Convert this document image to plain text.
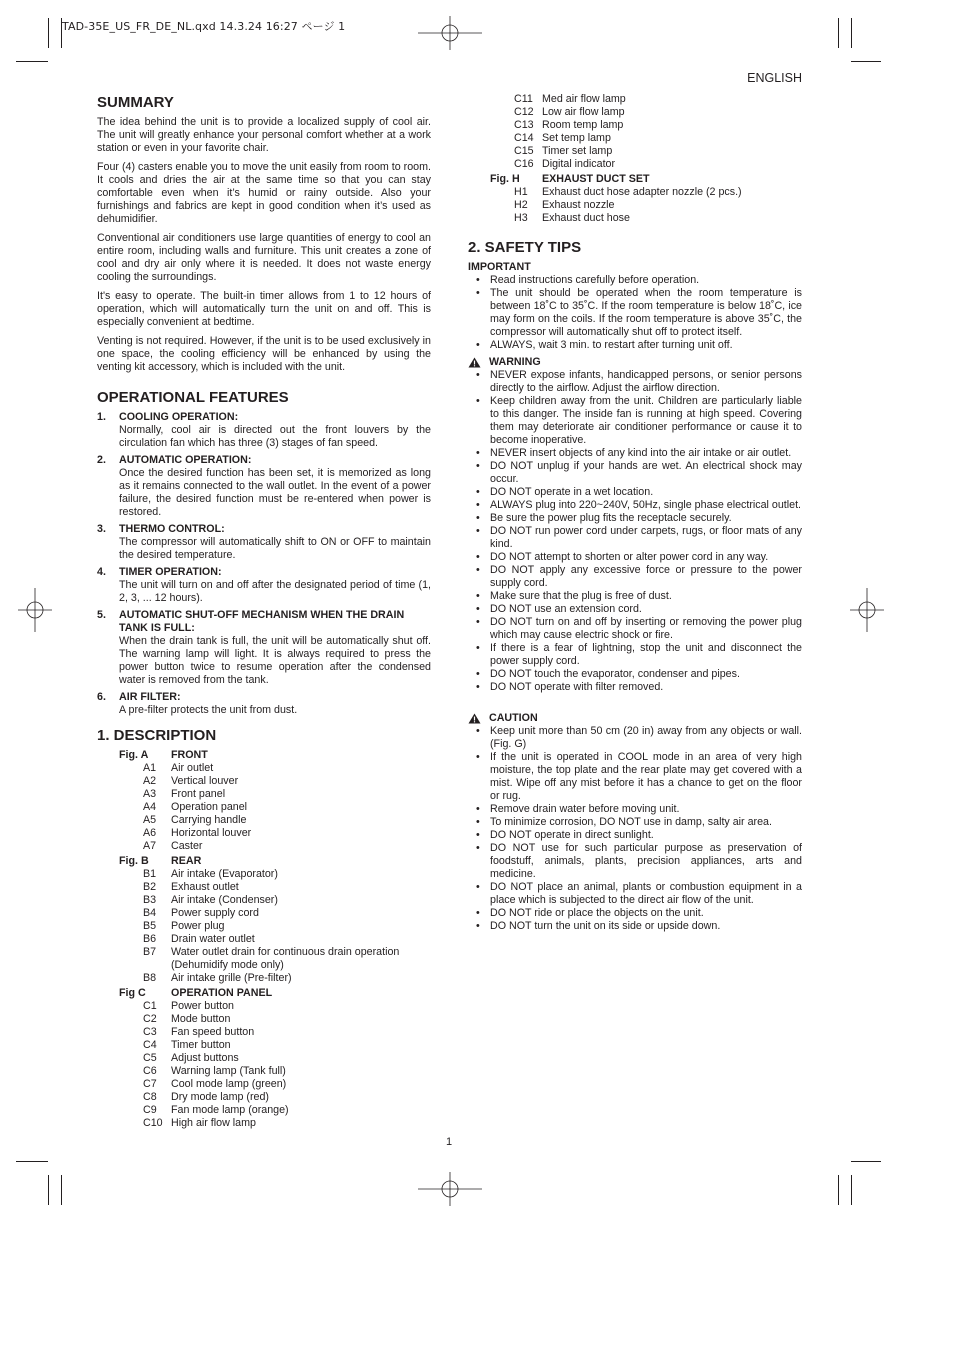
TAD-35E_US_FR_DE_NL.qxd 14.3.24 16:27 ページ 1
ENGLISH
1
SUMMARY

The idea behind the unit is to provide a localized supply of cool air. The unit will greatly enhance your personal comfort whether at a work station or even in your favorite chair.

Four (4) casters enable you to move the unit easily from room to room. It cools and dries the air at the same time so that you can stay comfortable even when it’s humid or rainy outside. Also your furnishings and fabrics are kept in good condition when it’s used as dehumidifier.

Conventional air conditioners use large quantities of energy to cool an entire room, including walls and furniture. This unit creates a zone of cool and dry air only where it is needed. It does not waste energy cooling the surroundings.

It's easy to operate. The built-in timer allows from 1 to 12 hours of operation, which will automatically turn the unit on and off. This is especially convenient at bedtime.

Venting is not required. However, if the unit is to be used exclusively in one space, the cooling efficiency will be enhanced by using the venting kit accessory, which is included with the unit.

OPERATIONAL FEATURES
1.	COOLING OPERATION:
Normally, cool air is directed out the front louvers by the circulation fan which has three (3) stages of fan speed.
2.	AUTOMATIC OPERATION:
Once the desired function has been set, it is memorized as long as it remains connected to the wall outlet. In the event of a power failure, the desired function must be re-entered when power is restored.
3.	THERMO CONTROL:
The compressor will automatically shift to ON or OFF to maintain the desired temperature.
4.	TIMER OPERATION:
The unit will turn on and off after the designated period of time (1, 2, 3, ... 12 hours).
5.	AUTOMATIC SHUT-OFF MECHANISM WHEN THE DRAIN TANK IS FULL:
When the drain tank is full, the unit will be automatically shut off. The warning lamp will light. It is always required to press the power button twice to resume operation after the condensed water is removed from the tank.
6.	AIR FILTER:
A pre-filter protects the unit from dust.
1. DESCRIPTION
Fig. A	FRONT
A1	Air outlet
A2	Vertical louver
A3	Front panel
A4	Operation panel
A5	Carrying handle
A6	Horizontal louver
A7	Caster
Fig. B	REAR
B1	Air intake (Evaporator)
B2	Exhaust outlet
B3	Air intake (Condenser)
B4	Power supply cord
B5	Power plug
B6	Drain water outlet
B7	Water outlet drain for continuous drain operation (Dehumidify mode only)
B8	Air intake grille (Pre-filter)
Fig C	OPERATION PANEL
C1	Power button
C2	Mode button
C3	Fan speed button
C4	Timer button
C5	Adjust buttons
C6	Warning lamp (Tank full)
C7	Cool mode lamp (green)
C8	Dry mode lamp (red)
C9	Fan mode lamp (orange)
C10 High air flow lamp
C11 Med air flow lamp
C12 Low air flow lamp
C13 Room temp lamp
C14 Set temp lamp
C15 Timer set lamp
C16 Digital indicator
Fig. H	EXHAUST DUCT SET
H1	Exhaust duct hose adapter nozzle (2 pcs.)
H2	Exhaust nozzle
H3	Exhaust duct hose
2. SAFETY TIPS
IMPORTANT
• Read instructions carefully before operation.
• The unit should be operated when the room temperature is between 18˚C to 35˚C. If the room temperature is below 18˚C, ice may form on the coils. If the room temperature is above 35˚C, the compressor will automatically shut off to protect itself.
• ALWAYS, wait 3 min. to restart after turning unit off.
WARNING
• NEVER expose infants, handicapped persons, or senior persons directly to the airflow. Adjust the airflow direction.
• Keep children away from the unit. Children are particularly liable to this danger. The inside fan is running at high speed. Covering them may deteriorate air conditioner performance or cause it to become inoperative.
• NEVER insert objects of any kind into the air intake or air outlet.
• DO NOT unplug if your hands are wet. An electrical shock may occur.
• DO NOT operate in a wet location.
• ALWAYS plug into 220~240V, 50Hz, single phase electrical outlet.
• Be sure the power plug fits the receptacle securely.
• DO NOT run power cord under carpets, rugs, or floor mats of any kind.
• DO NOT attempt to shorten or alter power cord in any way.
• DO NOT apply any excessive force or pressure to the power supply cord.
• Make sure that the plug is free of dust.
• DO NOT use an extension cord.
• DO NOT turn on and off by inserting or removing the power plug which may cause electric shock or fire.
• If there is a fear of lightning, stop the unit and disconnect the power supply cord.
• DO NOT touch the evaporator, condenser and pipes.
• DO NOT operate with filter removed.
CAUTION
• Keep unit more than 50 cm (20 in) away from any objects or wall. (Fig. G)
• If the unit is operated in COOL mode in an area of very high moisture, the top plate and the rear plate may get covered with a mist. Wipe off any mist before it has a chance to get on the floor or rug.
• Remove drain water before moving unit.
• To minimize corrosion, DO NOT use in damp, salty air area.
• DO NOT operate in direct sunlight.
• DO NOT use for such particular purpose as preservation of foodstuff, animals, plants, precision appliances, arts and medicine.
• DO NOT place an animal, plants or combustion equipment in a place which is subjected to the direct air flow of the unit.
• DO NOT ride or place the objects on the unit.
• DO NOT turn the unit on its side or upside down.
